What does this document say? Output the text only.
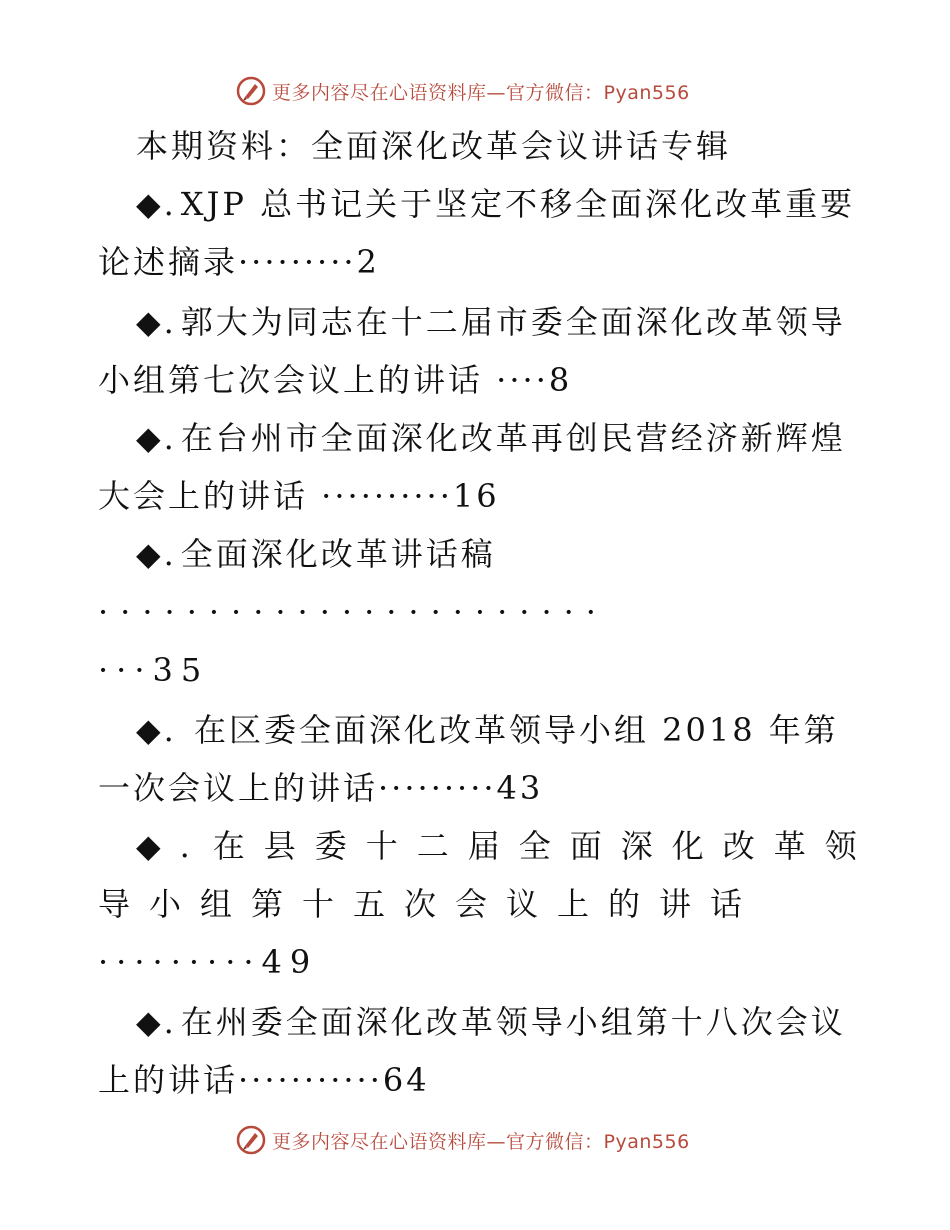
更多内容尽在心语资料库—官方微信：Pyan556
本期资料：全面深化改革会议讲话专辑
◆. XJP 总书记关于坚定不移全面深化改革重要
论述摘录·········2
◆. 郭大为同志在十二届市委全面深化改革领导
小组第七次会议上的讲话 ····8
◆. 在台州市全面深化改革再创民营经济新辉煌
大会上的讲话 ··········16
◆. 全面深化改革讲话稿
·······················
···35
◆. 在区委全面深化改革领导小组 2018 年第
一次会议上的讲话·········43
◆. 在县委十二届全面深化改革领
导小组第十五次会议上的讲话
·········49
◆. 在州委全面深化改革领导小组第十八次会议
上的讲话···········64
更多内容尽在心语资料库—官方微信：Pyan556
